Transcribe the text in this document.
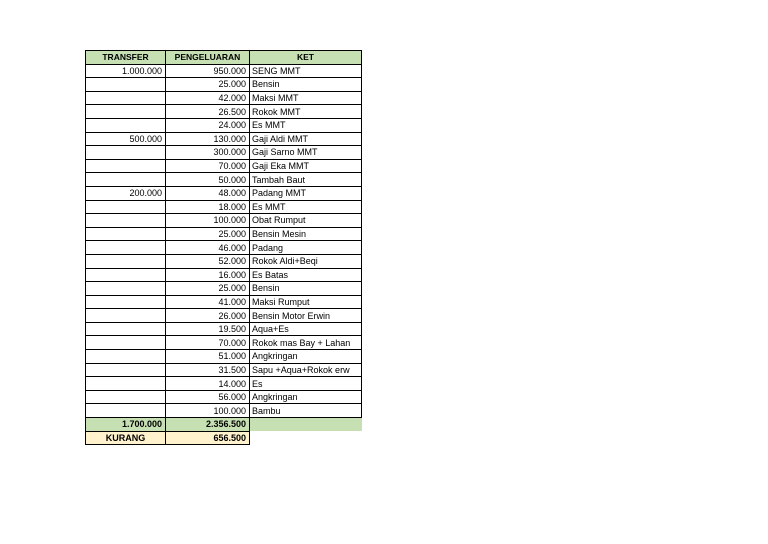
TRANSFER	PENGELUARAN	KET
1.000.000	950.000	SENG MMT
	25.000	Bensin
	42.000	Maksi MMT
	26.500	Rokok MMT
	24.000	Es MMT
500.000	130.000	Gaji Aldi MMT
	300.000	Gaji Sarno MMT
	70.000	Gaji Eka MMT
	50.000	Tambah Baut
200.000	48.000	Padang MMT
	18.000	Es MMT
	100.000	Obat Rumput
	25.000	Bensin Mesin
	46.000	Padang
	52.000	Rokok Aldi+Beqi
	16.000	Es Batas
	25.000	Bensin
	41.000	Maksi Rumput
	26.000	Bensin Motor Erwin
	19.500	Aqua+Es
	70.000	Rokok mas Bay + Lahan
	51.000	Angkringan
	31.500	Sapu +Aqua+Rokok erw
	14.000	Es
	56.000	Angkringan
	100.000	Bambu
1.700.000	2.356.500	
KURANG	656.500	
